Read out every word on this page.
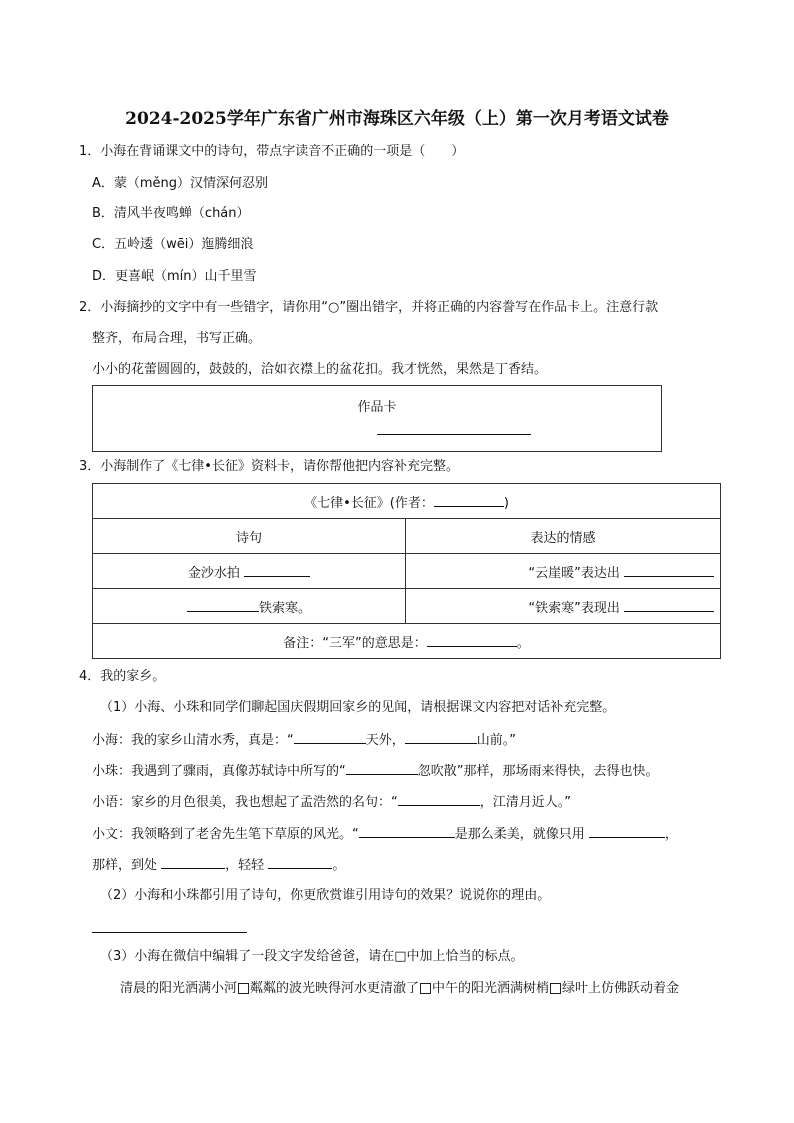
2024-2025学年广东省广州市海珠区六年级（上）第一次月考语文试卷
1．小海在背诵课文中的诗句，带点字读音不正确的一项是（　　）
A．蒙（měng）汉情深何忍别
B．清风半夜鸣蝉（chán）
C．五岭逶（wēi）迤腾细浪
D．更喜岷（mín）山千里雪
2．小海摘抄的文字中有一些错字，请你用“○”圈出错字，并将正确的内容誊写在作品卡上。注意行款
整齐，布局合理，书写正确。
小小的花蕾圆圆的，鼓鼓的，洽如衣襟上的盆花扣。我才恍然，果然是丁香结。
作品卡
3．小海制作了《七律•长征》资料卡，请你帮他把内容补充完整。
《七律•长征》(作者： )	
诗句	表达的情感
金沙水拍	“云崖暖”表达出
铁索寒。	“铁索寒”表现出
备注：“三军”的意思是： 。	
4．我的家乡。
（1）小海、小珠和同学们聊起国庆假期回家乡的见闻，请根据课文内容把对话补充完整。
小海：我的家乡山清水秀，真是：“	天外，	山前。”
小珠：我遇到了骤雨，真像苏轼诗中所写的“	忽吹散”那样，那场雨来得快，去得也快。
小语：家乡的月色很美，我也想起了孟浩然的名句：“	，江清月近人。”
小文：我领略到了老舍先生笔下草原的风光。“	是那么柔美，就像只用	，
那样，到处	，轻轻	。
（2）小海和小珠都引用了诗句，你更欣赏谁引用诗句的效果？说说你的理由。
（3）小海在微信中编辑了一段文字发给爸爸，请在□中加上恰当的标点。
清晨的阳光洒满小河 粼粼的波光映得河水更清澈了 中午的阳光洒满树梢 绿叶上仿佛跃动着金
